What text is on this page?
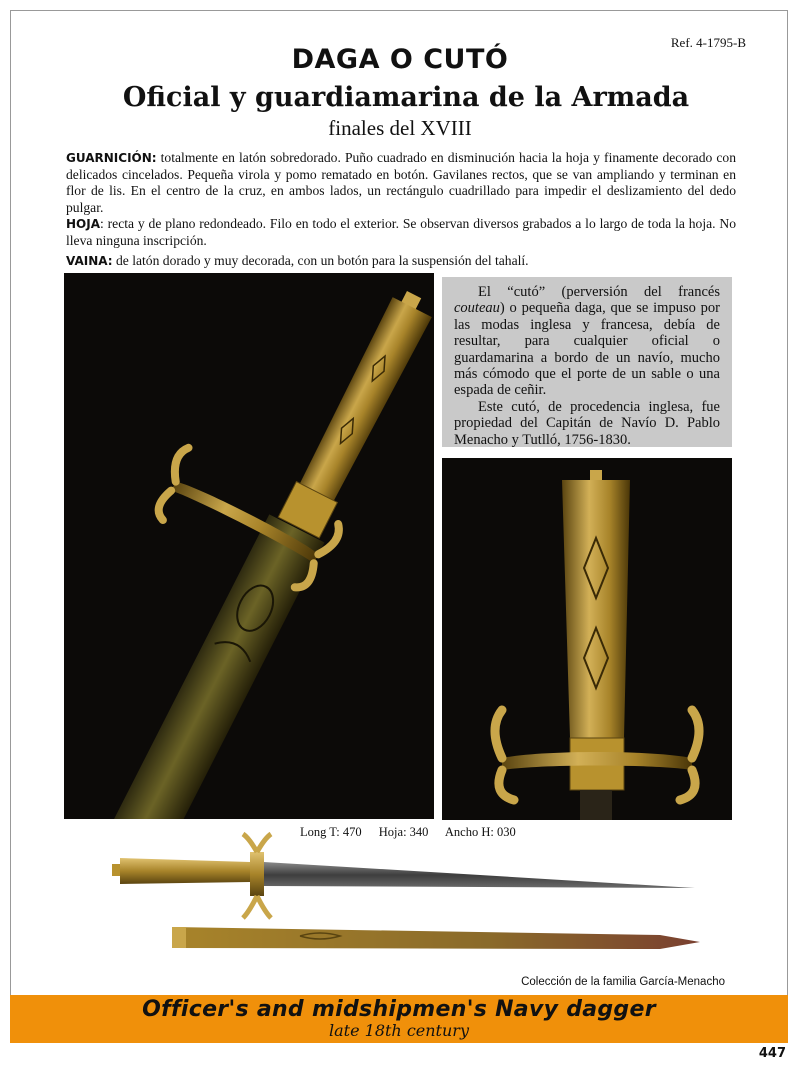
Ref. 4-1795-B
DAGA O CUTÓ
Oficial y guardiamarina de la Armada
finales del XVIII

GUARNICIÓN: totalmente en latón sobredorado. Puño cuadrado en disminución hacia la hoja y finamente decorado con delicados cincelados. Pequeña virola y pomo rematado en botón. Gavilanes rectos, que se van ampliando y terminan en flor de lis. En el centro de la cruz, en ambos lados, un rectángulo cuadrillado para impedir el deslizamiento del dedo pulgar.

HOJA: recta y de plano redondeado. Filo en todo el exterior. Se observan diversos grabados a lo largo de toda la hoja. No lleva ninguna inscripción.

VAINA: de latón dorado y muy decorada, con un botón para la suspensión del tahalí.

El “cutó” (perversión del francés couteau) o pequeña daga, que se impuso por las modas inglesa y francesa, debía de resultar, para cualquier oficial o guardamarina a bordo de un navío, mucho más cómodo que el porte de un sable o una espada de ceñir.

Este cutó, de procedencia inglesa, fue propiedad del Capitán de Navío D. Pablo Menacho y Tutlló, 1756-1830.

Long T: 470 Hoja: 340 Ancho H: 030
Colección de la familia García-Menacho
Officer's and midshipmen's Navy dagger
late 18th century
447
